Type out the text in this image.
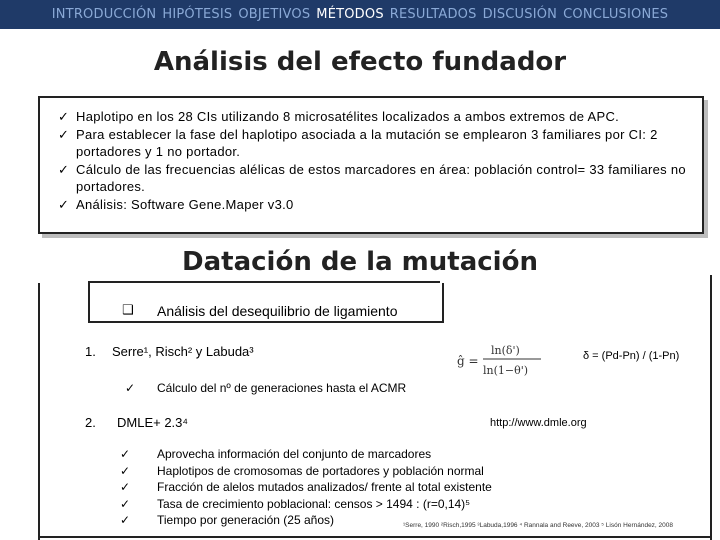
INTRODUCCIÓN HIPÓTESIS OBJETIVOS MÉTODOS RESULTADOS DISCUSIÓN CONCLUSIONES
Análisis del efecto fundador
✓ Haplotipo en los 28 CIs utilizando 8 microsatélites localizados a ambos extremos de APC.
✓ Para establecer la fase del haplotipo asociada a la mutación se emplearon 3 familiares por CI: 2 portadores y 1 no portador.
✓ Cálculo de las frecuencias alélicas de estos marcadores en área: población control= 33 familiares no portadores.
✓ Análisis: Software Gene.Maper v3.0
Datación de la mutación
❑ Análisis del desequilibrio de ligamiento
1. Serre¹, Risch² y Labuda³
ĝ =
ln(δ')
ln(1−θ')
δ = (Pd-Pn) / (1-Pn)
✓ Cálculo del nº de generaciones hasta el ACMR
2. DMLE+ 2.3⁴	http://www.dmle.org
✓ Aprovecha información del conjunto de marcadores
✓ Haplotipos de cromosomas de portadores y población normal
✓ Fracción de alelos mutados analizados/ frente al total existente
✓ Tasa de crecimiento poblacional: censos > 1494 : (r=0,14)⁵
✓ Tiempo por generación (25 años)	¹Serre, 1990 ²Risch,1995 ³Labuda,1996 ⁴ Rannala and Reeve, 2003 ⁵ Lisón Hernández, 2008
